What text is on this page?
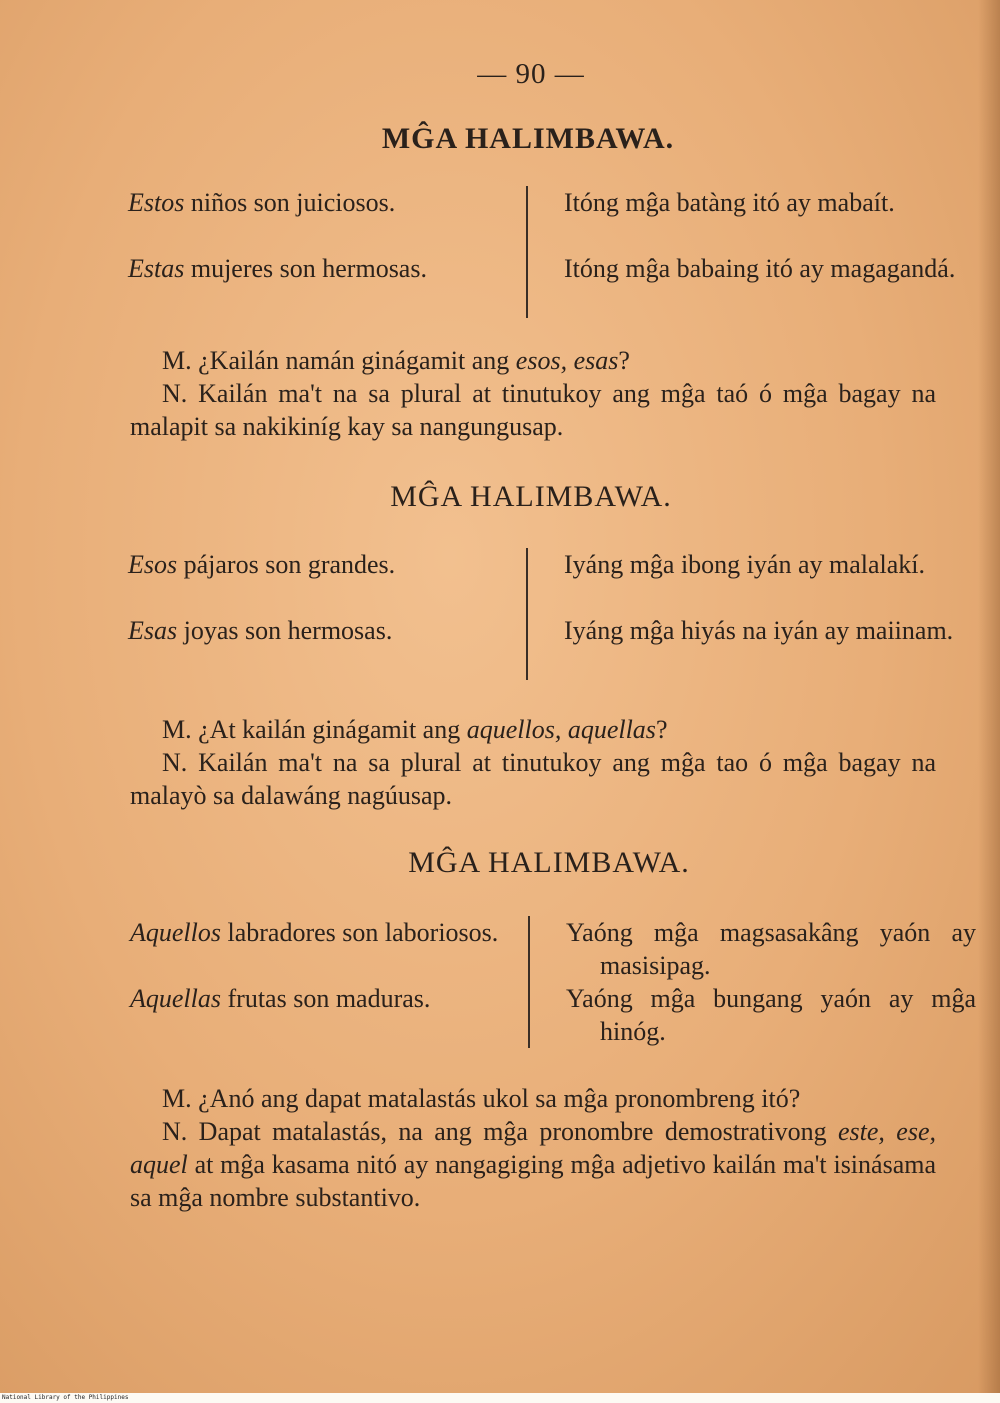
— 90 —
MĜA HALIMBAWA.
Estos niños son juiciosos.
Estas mujeres son hermosas.
Itóng mĝa batàng itó ay mabaít.
Itóng mĝa babaing itó ay magagandá.

M. ¿Kailán namán ginágamit ang esos, esas?

N. Kailán ma't na sa plural at tinutukoy ang mĝa taó ó mĝa bagay na malapit sa nakikiníg kay sa nangungusap.

MĜA HALIMBAWA.
Esos pájaros son grandes.
Esas joyas son hermosas.
Iyáng mĝa ibong iyán ay malalakí.
Iyáng mĝa hiyás na iyán ay maiinam.

M. ¿At kailán ginágamit ang aquellos, aquellas?

N. Kailán ma't na sa plural at tinutukoy ang mĝa tao ó mĝa bagay na malayò sa dalawáng nagúusap.

MĜA HALIMBAWA.
Aquellos labradores son laboriosos.
Aquellas frutas son maduras.
Yaóng mĝa magsasakâng yaón ay masisipag.
Yaóng mĝa bungang yaón ay mĝa hinóg.

M. ¿Anó ang dapat matalastás ukol sa mĝa pronombreng itó?

N. Dapat matalastás, na ang mĝa pronombre demostrativong este, ese, aquel at mĝa kasama nitó ay nangagiging mĝa adjetivo kailán ma't isinásama sa mĝa nombre substantivo.

National Library of the Philippines
